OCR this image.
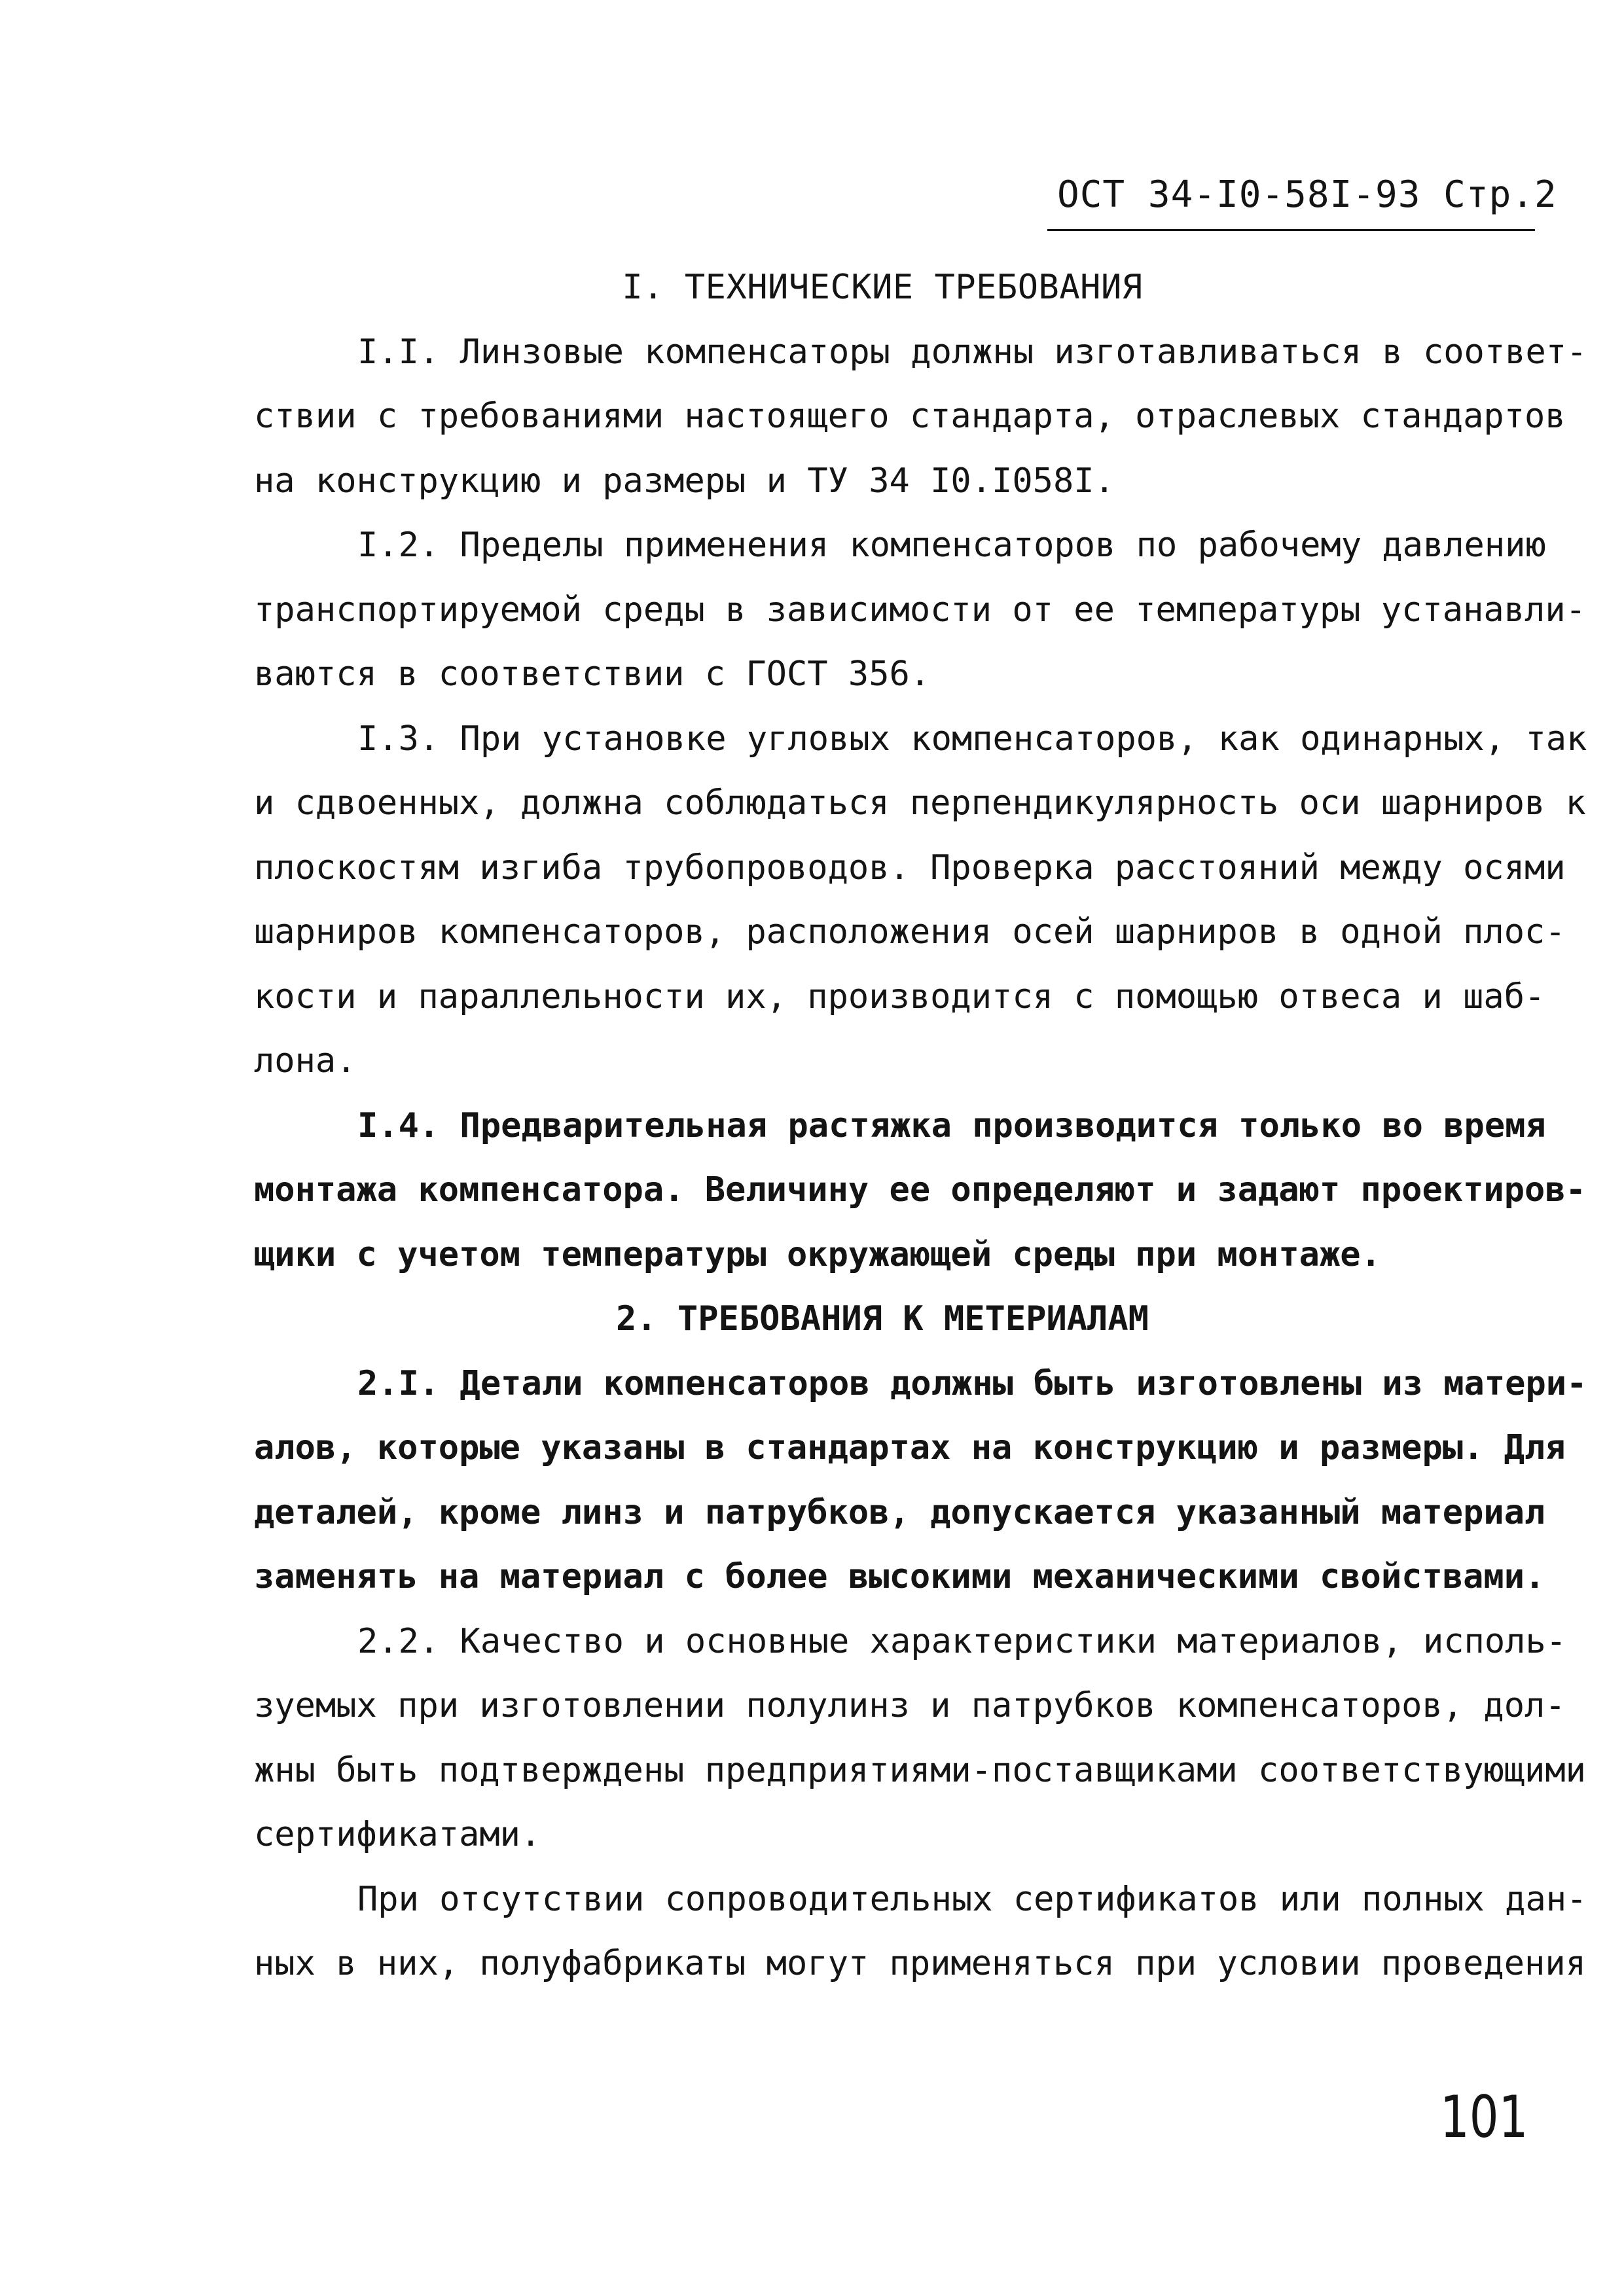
ОСТ 34-I0-58I-93 Стр.2
I. ТЕХНИЧЕСКИЕ ТРЕБОВАНИЯ
I.I. Линзовые компенсаторы должны изготавливаться в соответ-
ствии с требованиями настоящего стандарта, отраслевых стандартов
на конструкцию и размеры и ТУ 34 I0.I058I.
I.2. Пределы применения компенсаторов по рабочему давлению
транспортируемой среды в зависимости от ее температуры устанавли-
ваются в соответствии с ГОСТ 356.
I.3. При установке угловых компенсаторов, как одинарных, так
и сдвоенных, должна соблюдаться перпендикулярность оси шарниров к
плоскостям изгиба трубопроводов. Проверка расстояний между осями
шарниров компенсаторов, расположения осей шарниров в одной плос-
кости и параллельности их, производится с помощью отвеса и шаб-
лона.
I.4. Предварительная растяжка производится только во время
монтажа компенсатора. Величину ее определяют и задают проектиров-
щики с учетом температуры окружающей среды при монтаже.
2. ТРЕБОВАНИЯ К МЕТЕРИАЛАМ
2.I. Детали компенсаторов должны быть изготовлены из матери-
алов, которые указаны в стандартах на конструкцию и размеры. Для
деталей, кроме линз и патрубков, допускается указанный материал
заменять на материал с более высокими механическими свойствами.
2.2. Качество и основные характеристики материалов, исполь-
зуемых при изготовлении полулинз и патрубков компенсаторов, дол-
жны быть подтверждены предприятиями-поставщиками соответствующими
сертификатами.
При отсутствии сопроводительных сертификатов или полных дан-
ных в них, полуфабрикаты могут применяться при условии проведения
101
